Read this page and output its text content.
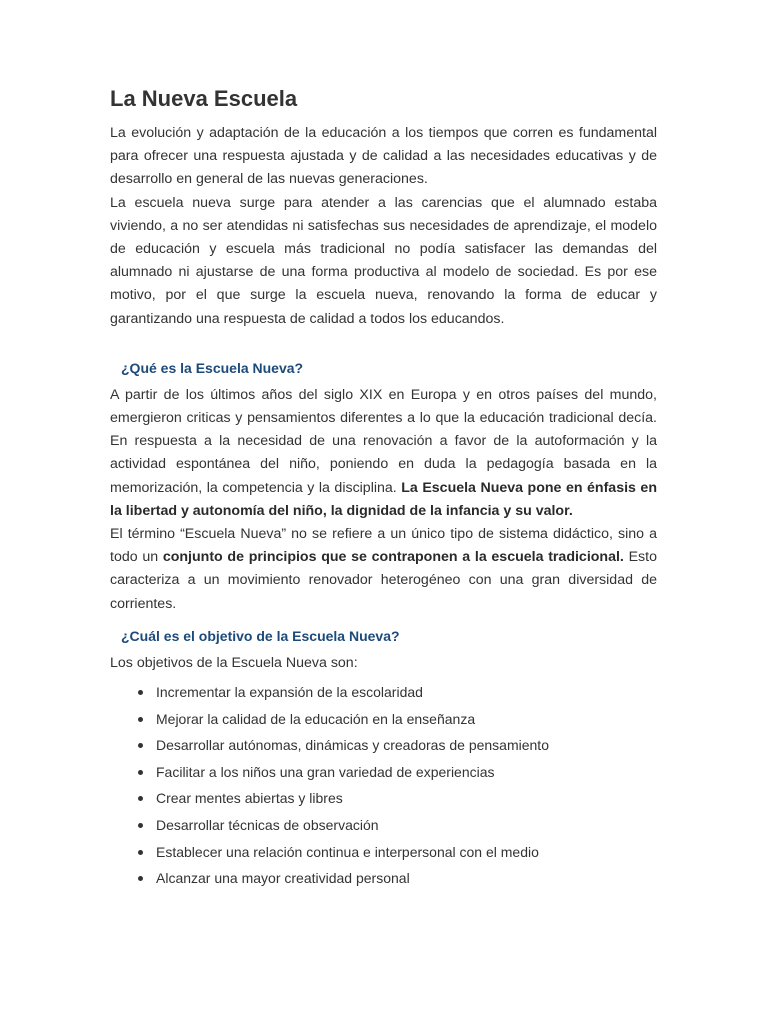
La Nueva Escuela

La evolución y adaptación de la educación a los tiempos que corren es fundamental para ofrecer una respuesta ajustada y de calidad a las necesidades educativas y de desarrollo en general de las nuevas generaciones.

La escuela nueva surge para atender a las carencias que el alumnado estaba viviendo, a no ser atendidas ni satisfechas sus necesidades de aprendizaje, el modelo de educación y escuela más tradicional no podía satisfacer las demandas del alumnado ni ajustarse de una forma productiva al modelo de sociedad. Es por ese motivo, por el que surge la escuela nueva, renovando la forma de educar y garantizando una respuesta de calidad a todos los educandos.

¿Qué es la Escuela Nueva?

A partir de los últimos años del siglo XIX en Europa y en otros países del mundo, emergieron criticas y pensamientos diferentes a lo que la educación tradicional decía. En respuesta a la necesidad de una renovación a favor de la autoformación y la actividad espontánea del niño, poniendo en duda la pedagogía basada en la memorización, la competencia y la disciplina. La Escuela Nueva pone en énfasis en la libertad y autonomía del niño, la dignidad de la infancia y su valor.

El término “Escuela Nueva” no se refiere a un único tipo de sistema didáctico, sino a todo un conjunto de principios que se contraponen a la escuela tradicional. Esto caracteriza a un movimiento renovador heterogéneo con una gran diversidad de corrientes.

¿Cuál es el objetivo de la Escuela Nueva?

Los objetivos de la Escuela Nueva son:

Incrementar la expansión de la escolaridad
Mejorar la calidad de la educación en la enseñanza
Desarrollar autónomas, dinámicas y creadoras de pensamiento
Facilitar a los niños una gran variedad de experiencias
Crear mentes abiertas y libres
Desarrollar técnicas de observación
Establecer una relación continua e interpersonal con el medio
Alcanzar una mayor creatividad personal
